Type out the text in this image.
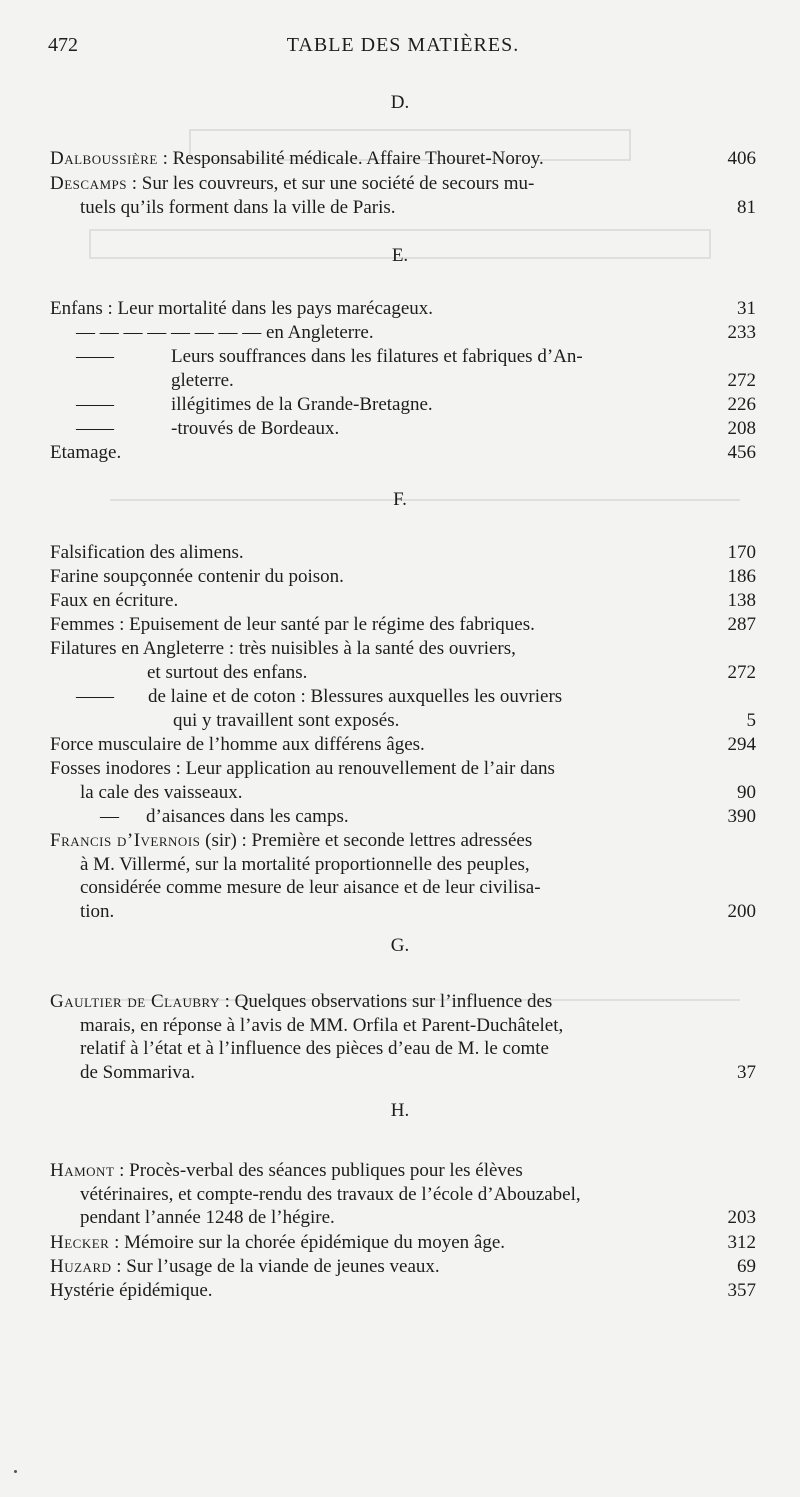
472	TABLE DES MATIÈRES.
D.
Dalboussière : Responsabilité médicale. Affaire Thouret-Noroy.	406
Descamps : Sur les couvreurs, et sur une société de secours mu-
tuels qu’ils forment dans la ville de Paris.	81
E.
Enfans : Leur mortalité dans les pays marécageux.	31
— — — — — — — — en Angleterre.	233
——	Leurs souffrances dans les filatures et fabriques d’An-
gleterre.	272
——	illégitimes de la Grande-Bretagne.	226
——	-trouvés de Bordeaux.	208
Etamage.	456
F.
Falsification des alimens.	170
Farine soupçonnée contenir du poison.	186
Faux en écriture.	138
Femmes : Epuisement de leur santé par le régime des fabriques.	287
Filatures en Angleterre : très nuisibles à la santé des ouvriers,
et surtout des enfans.	272
—— de laine et de coton : Blessures auxquelles les ouvriers
qui y travaillent sont exposés.	5
Force musculaire de l’homme aux différens âges.	294
Fosses inodores : Leur application au renouvellement de l’air dans
la cale des vaisseaux.	90
— d’aisances dans les camps.	390
Francis d’Ivernois (sir) : Première et seconde lettres adressées
à M. Villermé, sur la mortalité proportionnelle des peuples,
considérée comme mesure de leur aisance et de leur civilisa-
tion.	200
G.
Gaultier de Claubry : Quelques observations sur l’influence des
marais, en réponse à l’avis de MM. Orfila et Parent-Duchâtelet,
relatif à l’état et à l’influence des pièces d’eau de M. le comte
de Sommariva.	37
H.
Hamont : Procès-verbal des séances publiques pour les élèves
vétérinaires, et compte-rendu des travaux de l’école d’Abouzabel,
pendant l’année 1248 de l’hégire.	203
Hecker : Mémoire sur la chorée épidémique du moyen âge.	312
Huzard : Sur l’usage de la viande de jeunes veaux.	69
Hystérie épidémique.	357
